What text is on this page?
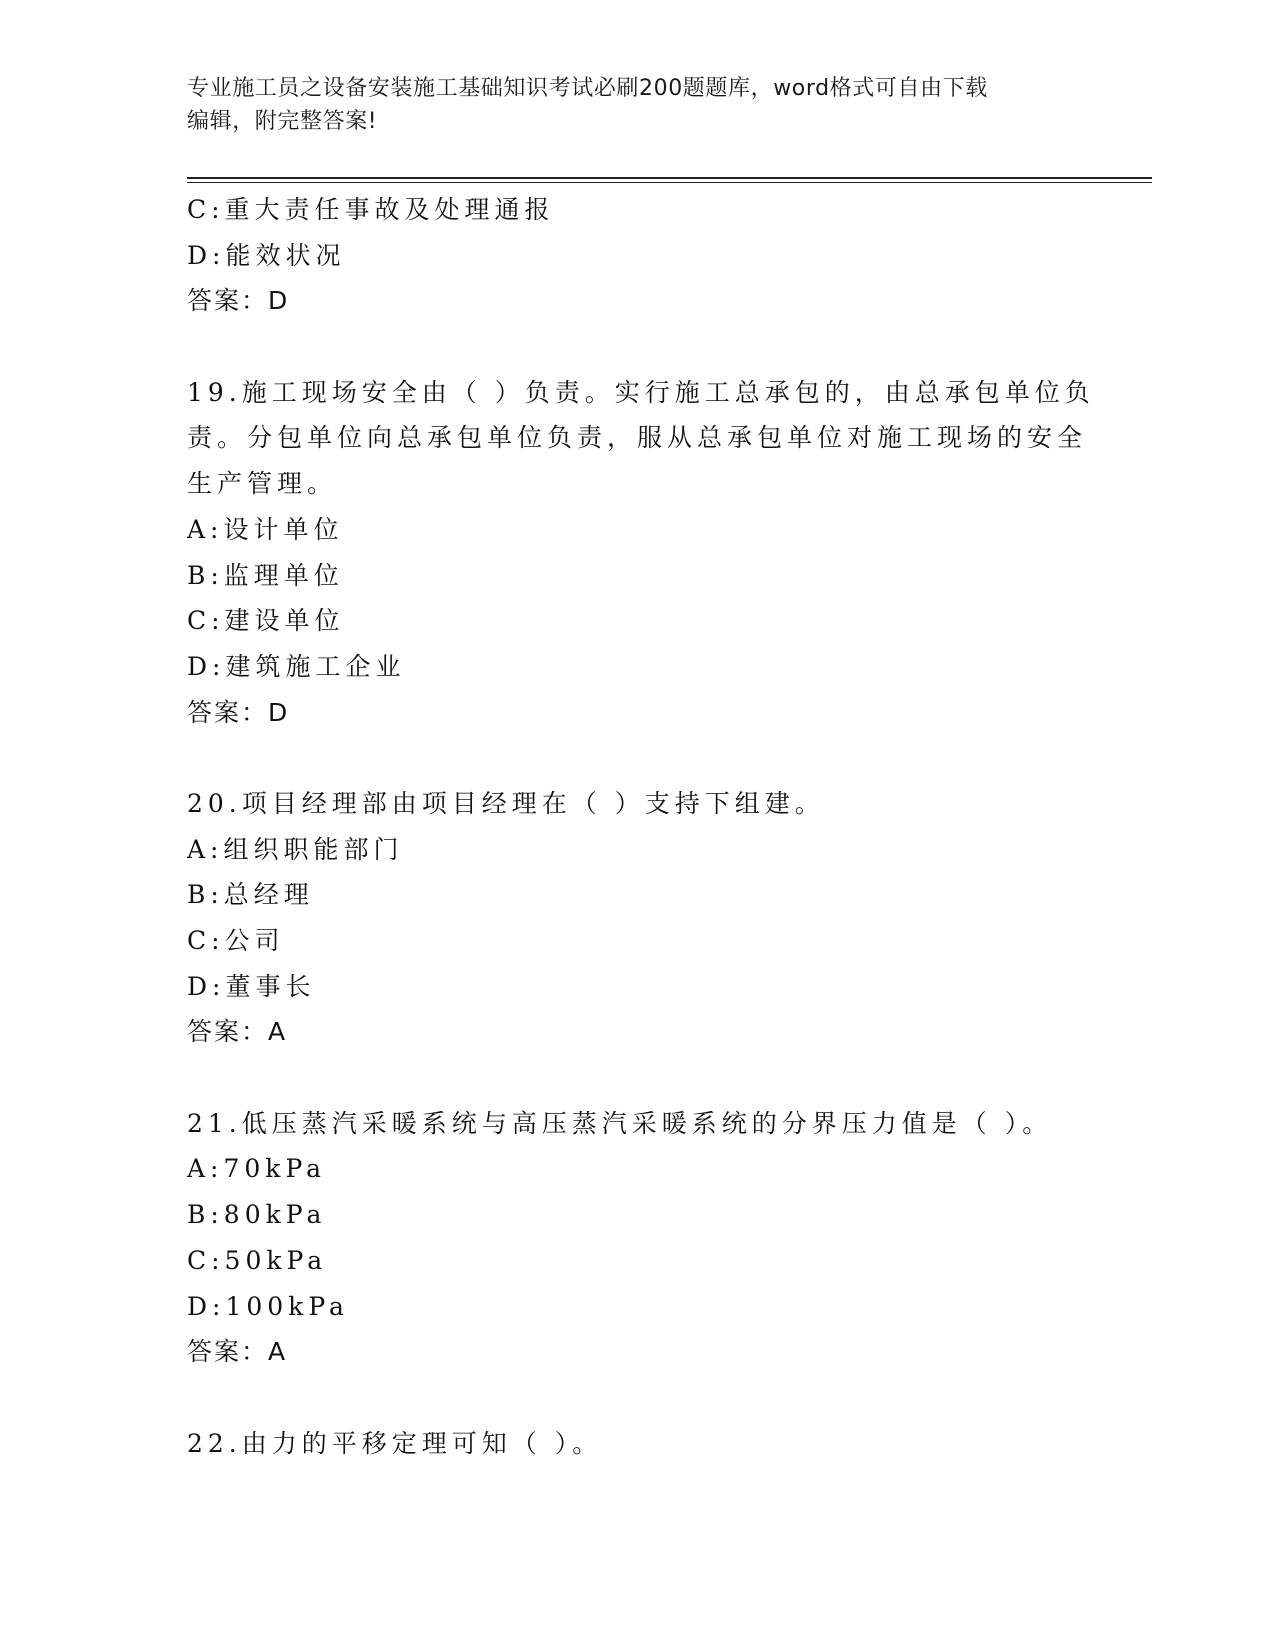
专业施工员之设备安装施工基础知识考试必刷200题题库，word格式可自由下载
编辑，附完整答案!
C:重大责任事故及处理通报
D:能效状况
答案：D
19.施工现场安全由（ ）负责。实行施工总承包的，由总承包单位负
责。分包单位向总承包单位负责，服从总承包单位对施工现场的安全
生产管理。
A:设计单位
B:监理单位
C:建设单位
D:建筑施工企业
答案：D
20.项目经理部由项目经理在（ ）支持下组建。
A:组织职能部门
B:总经理
C:公司
D:董事长
答案：A
21.低压蒸汽采暖系统与高压蒸汽采暖系统的分界压力值是（ ）。
A:70kPa
B:80kPa
C:50kPa
D:100kPa
答案：A
22.由力的平移定理可知（ ）。
